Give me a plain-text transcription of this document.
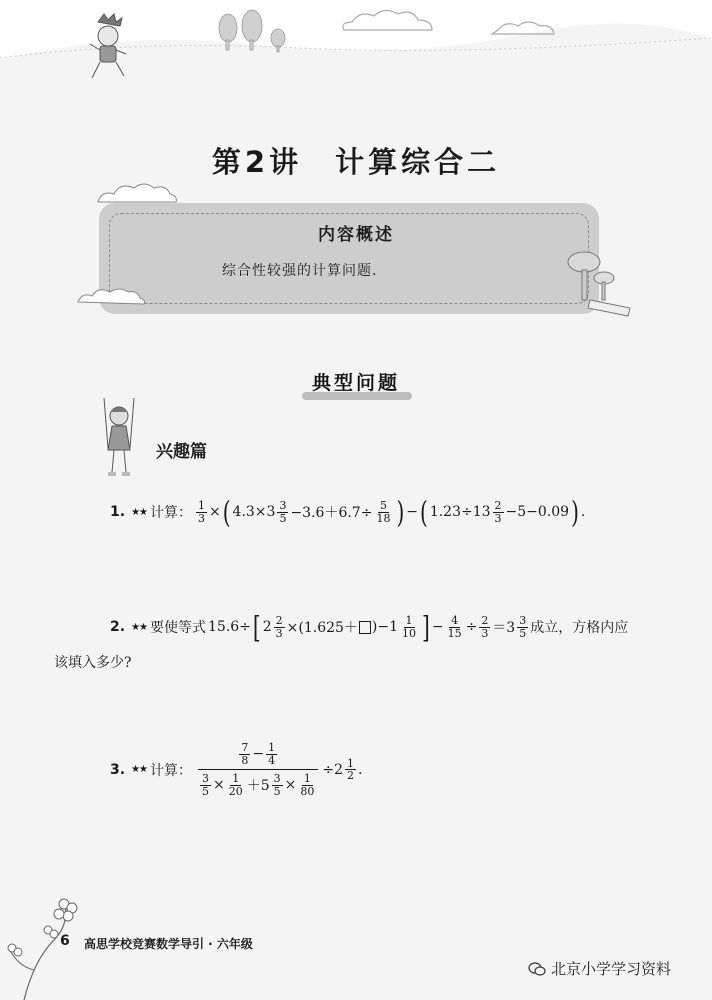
第2讲　计算综合二
内容概述
综合性较强的计算问题.
典型问题
兴趣篇
1. ★★ 计算： $\frac{1}{3}$ × ( $4.3\times 3 \frac{3}{5} -3.6+6.7\div \frac{5}{18}$ ) − ( $1.23\div 13 \frac{2}{3} -5-0.09$ ) .
2. ★★ 要使等式 15.6÷ [ $2 \frac{2}{3} \times(1.625+ )-1 \frac{1}{10}$ ] − $\frac{4}{15} \div \frac{2}{3} =3 \frac{3}{5}$ 成立，方格内应
该填入多少?
3. ★★ 计算：
$\frac{7}{8} - \frac{1}{4}$
$\frac{3}{5} \times \frac{1}{20} +5 \frac{3}{5} \times \frac{1}{80}$
$\div 2 \frac{1}{2}$ .
6 高思学校竞赛数学导引 · 六年级
北京小学学习资料
